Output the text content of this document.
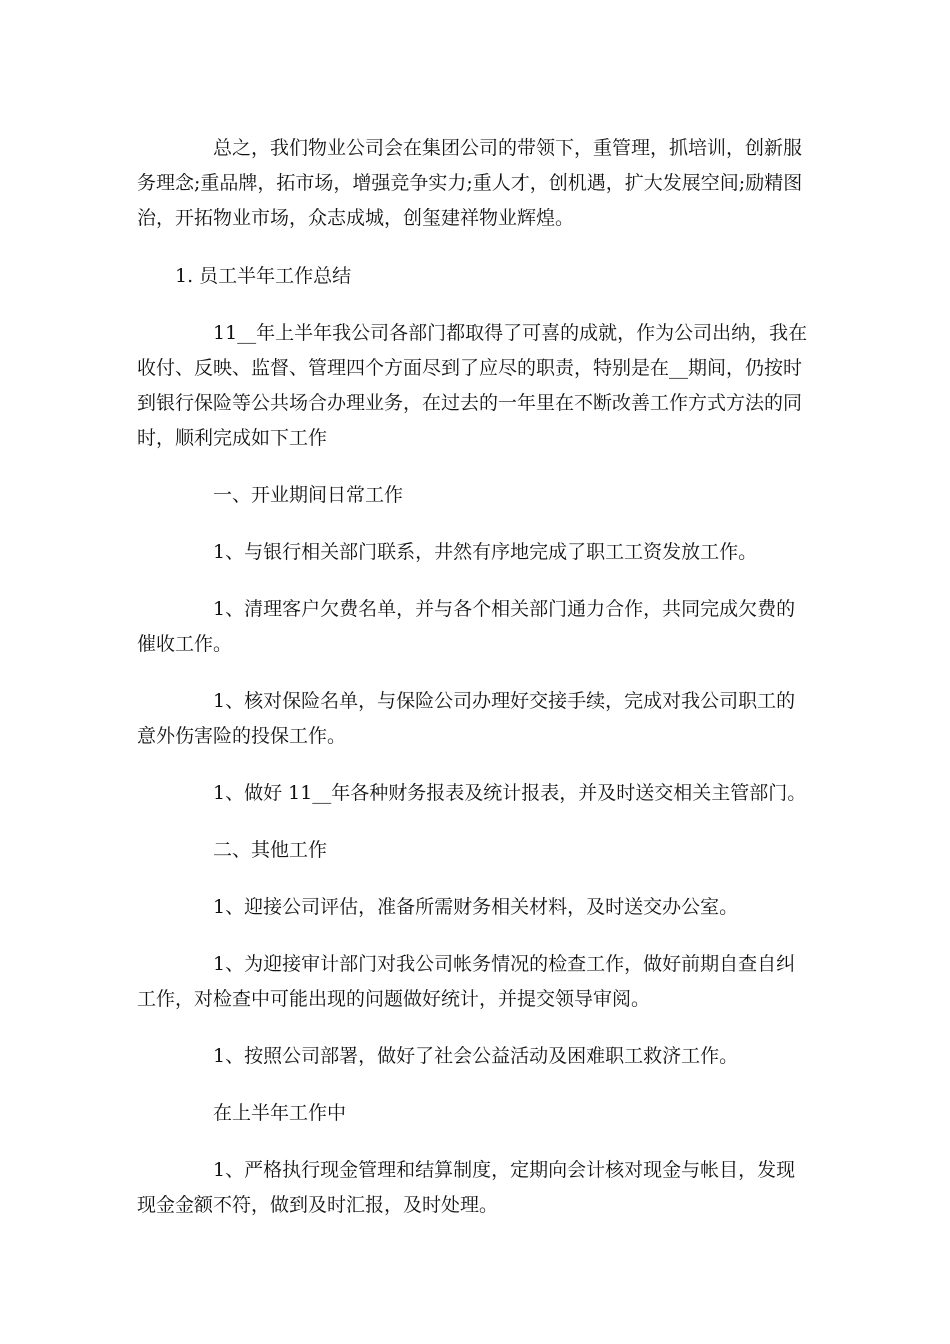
总之，我们物业公司会在集团公司的带领下，重管理，抓培训，创新服务理念;重品牌，拓市场，增强竞争实力;重人才，创机遇，扩大发展空间;励精图治，开拓物业市场，众志成城，创玺建祥物业辉煌。

1. 员工半年工作总结

11__年上半年我公司各部门都取得了可喜的成就，作为公司出纳，我在收付、反映、监督、管理四个方面尽到了应尽的职责，特别是在__期间，仍按时到银行保险等公共场合办理业务，在过去的一年里在不断改善工作方式方法的同时，顺利完成如下工作

一、开业期间日常工作

1、与银行相关部门联系，井然有序地完成了职工工资发放工作。

1、清理客户欠费名单，并与各个相关部门通力合作，共同完成欠费的催收工作。

1、核对保险名单，与保险公司办理好交接手续，完成对我公司职工的意外伤害险的投保工作。

1、做好 11__年各种财务报表及统计报表，并及时送交相关主管部门。

二、其他工作

1、迎接公司评估，准备所需财务相关材料，及时送交办公室。

1、为迎接审计部门对我公司帐务情况的检查工作，做好前期自查自纠工作，对检查中可能出现的问题做好统计，并提交领导审阅。

1、按照公司部署，做好了社会公益活动及困难职工救济工作。

在上半年工作中

1、严格执行现金管理和结算制度，定期向会计核对现金与帐目，发现现金金额不符，做到及时汇报，及时处理。
